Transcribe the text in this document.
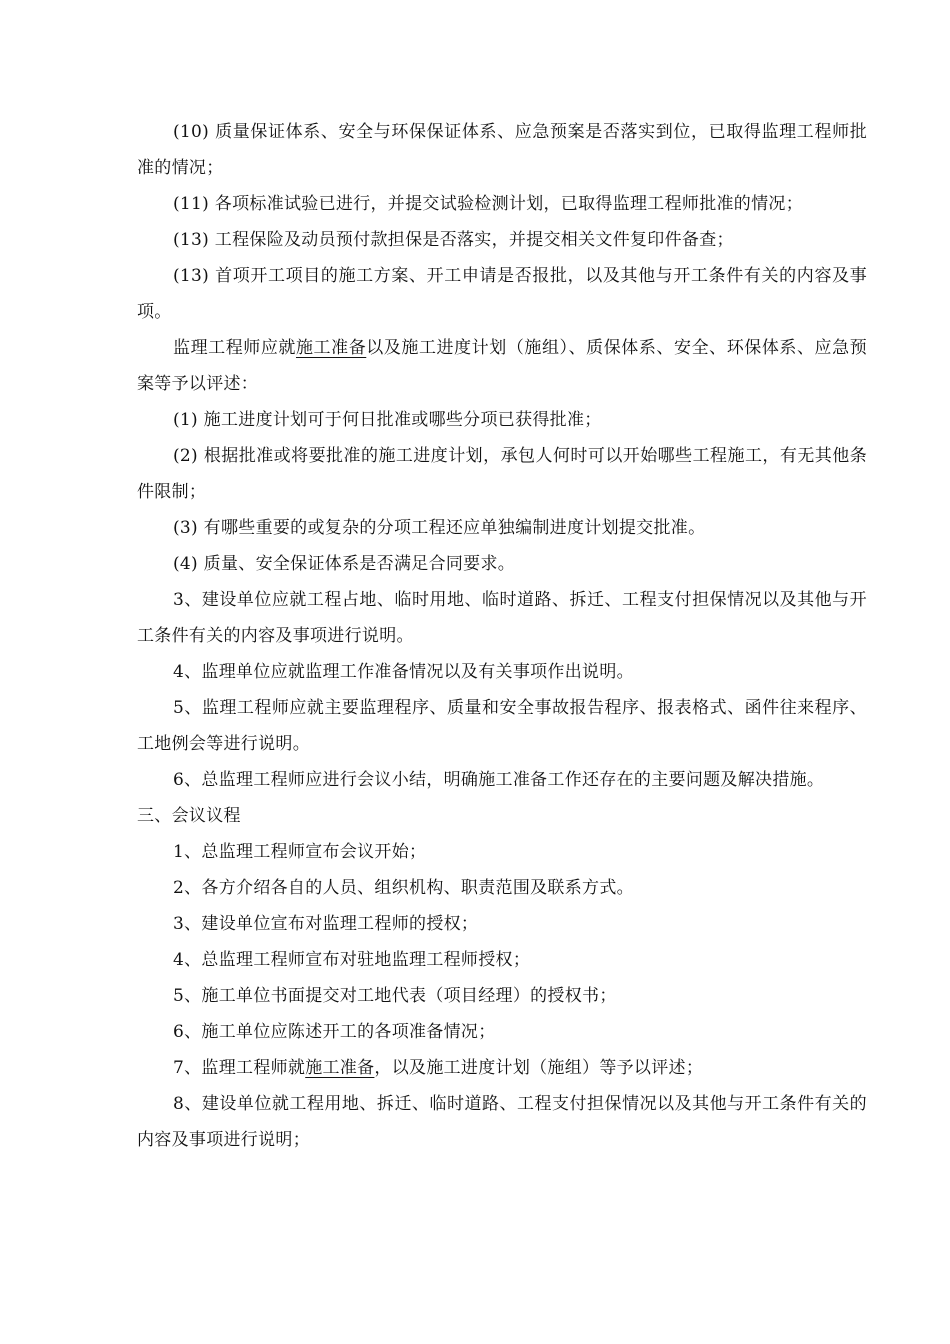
(10) 质量保证体系、安全与环保保证体系、应急预案是否落实到位，已取得监理工程师批准的情况；

(11) 各项标准试验已进行，并提交试验检测计划，已取得监理工程师批准的情况；

(13) 工程保险及动员预付款担保是否落实，并提交相关文件复印件备查；

(13) 首项开工项目的施工方案、开工申请是否报批，以及其他与开工条件有关的内容及事项。

监理工程师应就施工准备以及施工进度计划（施组）、质保体系、安全、环保体系、应急预案等予以评述：

(1) 施工进度计划可于何日批准或哪些分项已获得批准；

(2) 根据批准或将要批准的施工进度计划，承包人何时可以开始哪些工程施工，有无其他条件限制；

(3) 有哪些重要的或复杂的分项工程还应单独编制进度计划提交批准。

(4) 质量、安全保证体系是否满足合同要求。

3、建设单位应就工程占地、临时用地、临时道路、拆迁、工程支付担保情况以及其他与开工条件有关的内容及事项进行说明。

4、监理单位应就监理工作准备情况以及有关事项作出说明。

5、监理工程师应就主要监理程序、质量和安全事故报告程序、报表格式、函件往来程序、工地例会等进行说明。

6、总监理工程师应进行会议小结，明确施工准备工作还存在的主要问题及解决措施。

三、会议议程

1、总监理工程师宣布会议开始；

2、各方介绍各自的人员、组织机构、职责范围及联系方式。

3、建设单位宣布对监理工程师的授权；

4、总监理工程师宣布对驻地监理工程师授权；

5、施工单位书面提交对工地代表（项目经理）的授权书；

6、施工单位应陈述开工的各项准备情况；

7、监理工程师就施工准备，以及施工进度计划（施组）等予以评述；

8、建设单位就工程用地、拆迁、临时道路、工程支付担保情况以及其他与开工条件有关的内容及事项进行说明；
